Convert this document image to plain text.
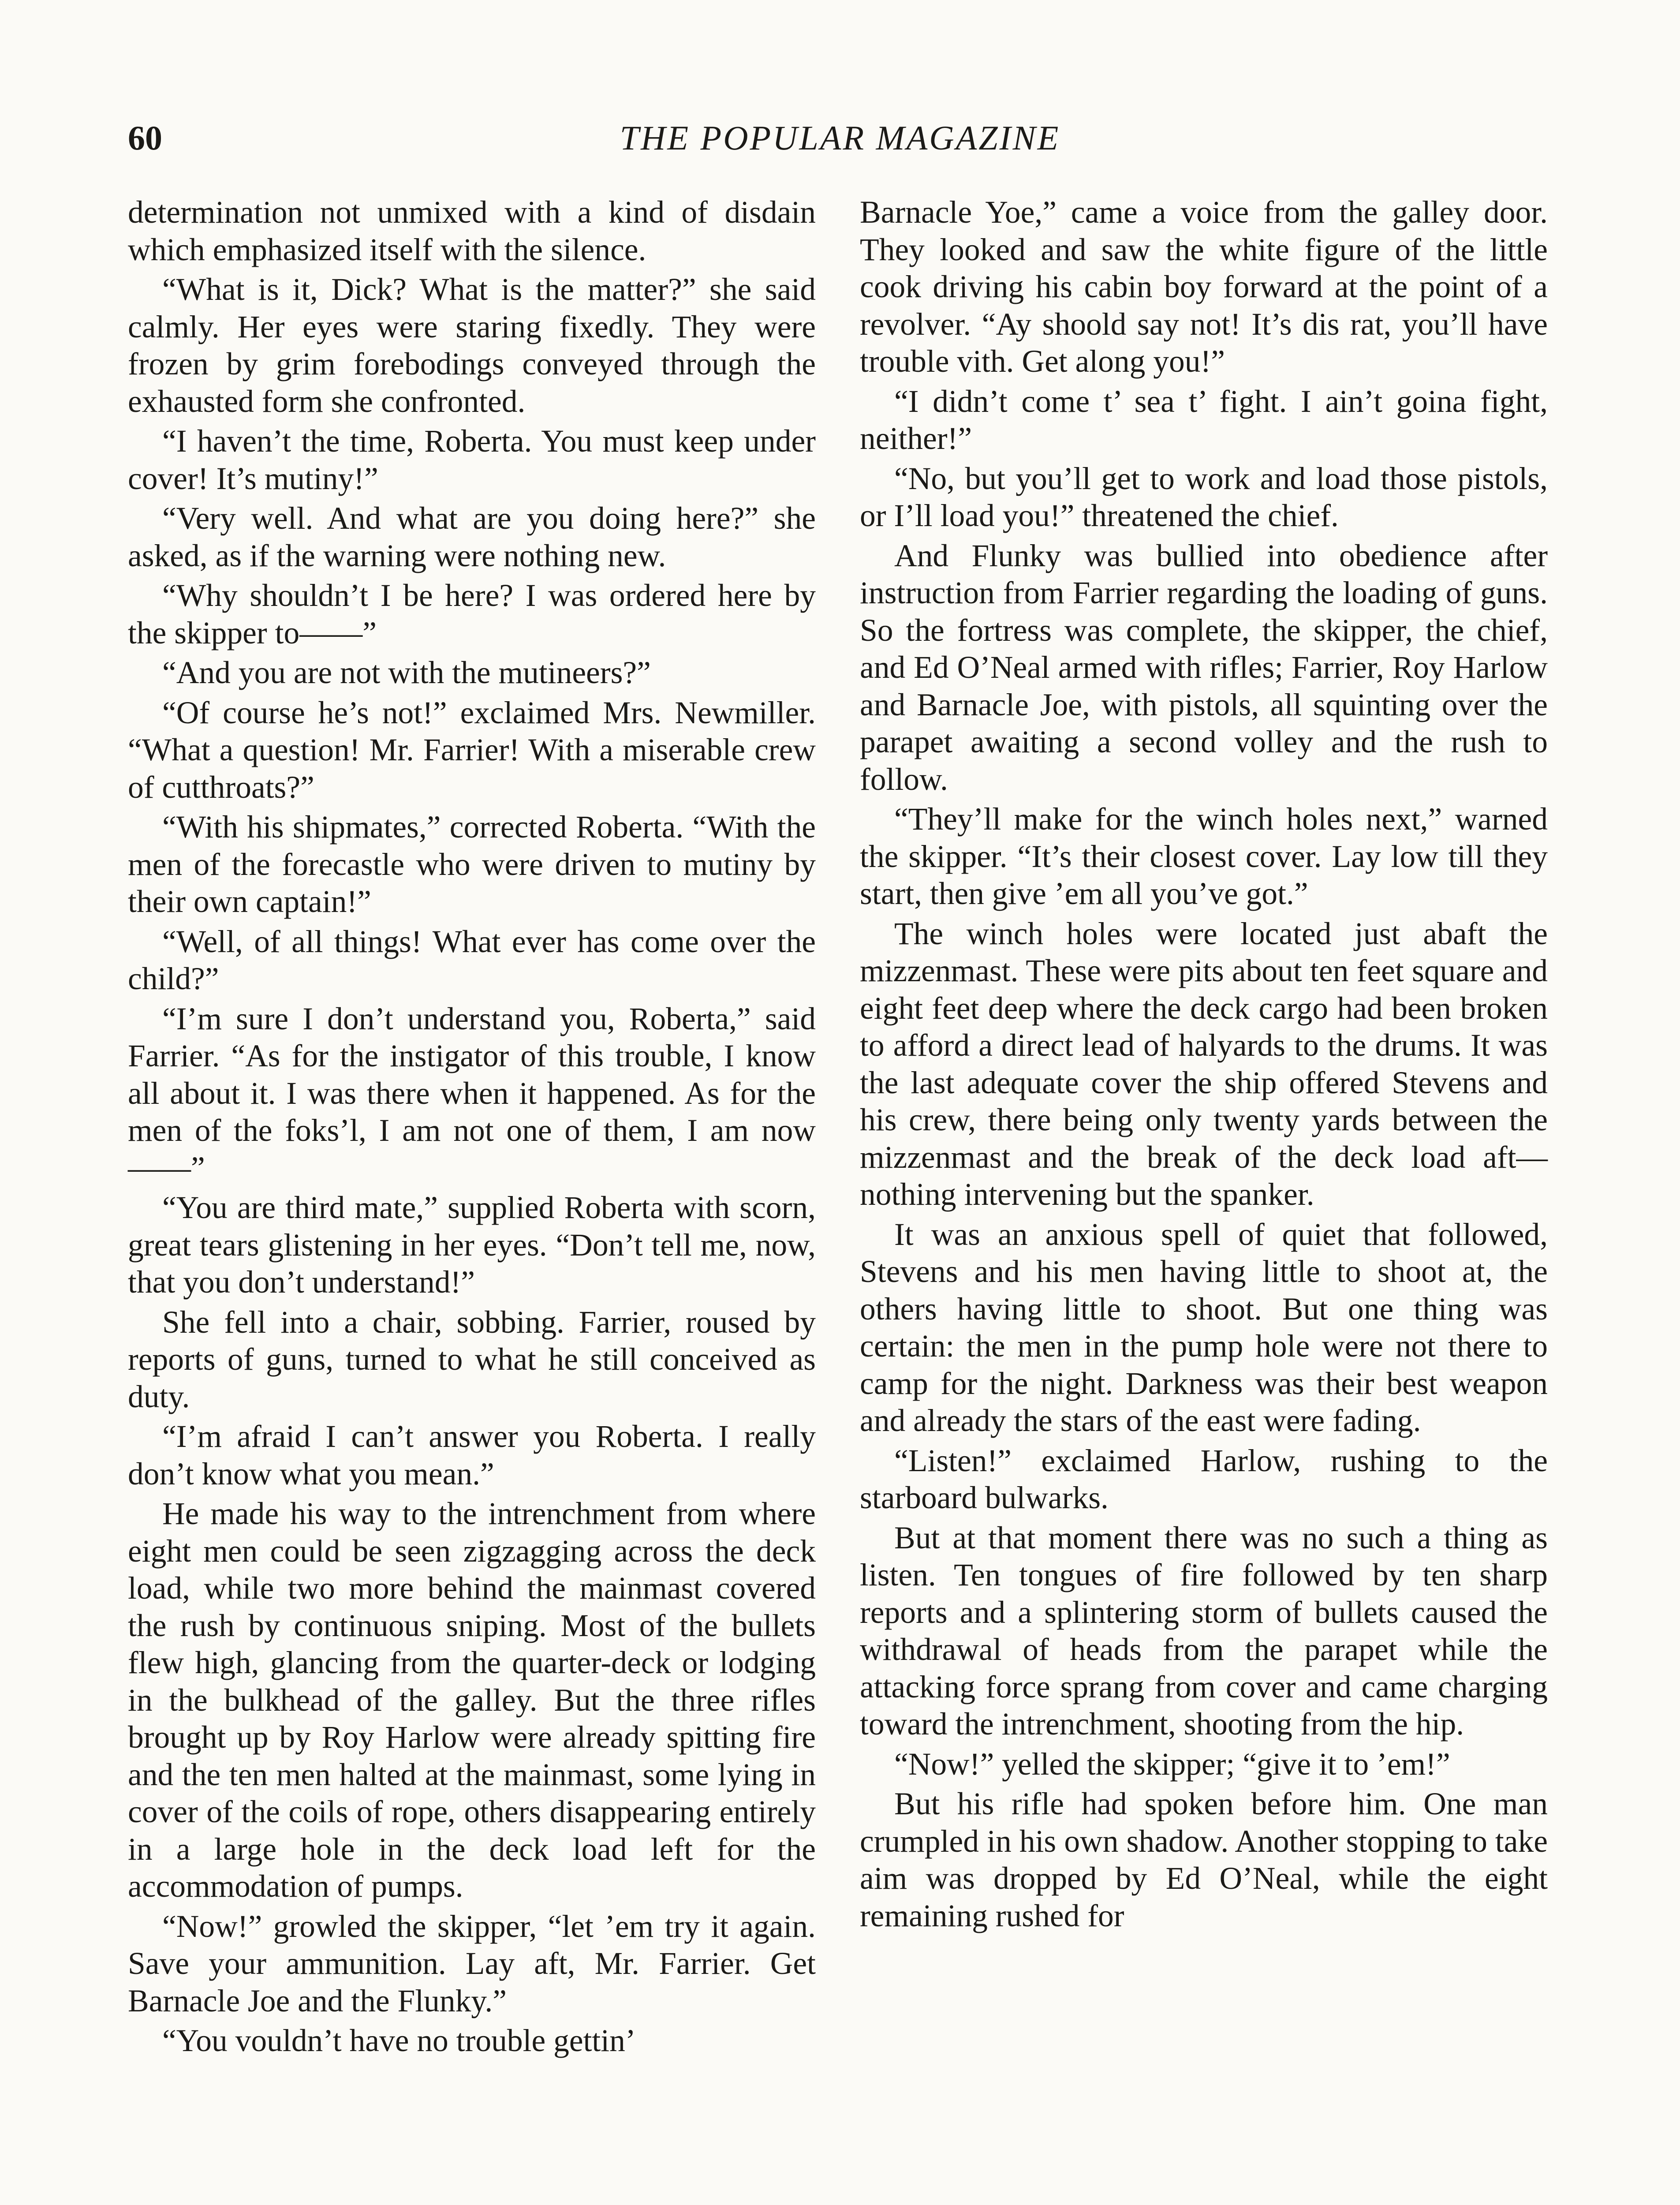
60	THE POPULAR MAGAZINE

determination not unmixed with a kind of disdain which emphasized itself with the silence.

“What is it, Dick? What is the matter?” she said calmly. Her eyes were staring fixedly. They were frozen by grim forebodings conveyed through the exhausted form she confronted.

“I haven’t the time, Roberta. You must keep under cover! It’s mutiny!”

“Very well. And what are you doing here?” she asked, as if the warning were nothing new.

“Why shouldn’t I be here? I was ordered here by the skipper to——”

“And you are not with the mutineers?”

“Of course he’s not!” exclaimed Mrs. Newmiller. “What a question! Mr. Farrier! With a miserable crew of cutthroats?”

“With his shipmates,” corrected Roberta. “With the men of the forecastle who were driven to mutiny by their own captain!”

“Well, of all things! What ever has come over the child?”

“I’m sure I don’t understand you, Roberta,” said Farrier. “As for the instigator of this trouble, I know all about it. I was there when it happened. As for the men of the foks’l, I am not one of them, I am now——”

“You are third mate,” supplied Roberta with scorn, great tears glistening in her eyes. “Don’t tell me, now, that you don’t understand!”

She fell into a chair, sobbing. Farrier, roused by reports of guns, turned to what he still conceived as duty.

“I’m afraid I can’t answer you Roberta. I really don’t know what you mean.”

He made his way to the intrenchment from where eight men could be seen zigzagging across the deck load, while two more behind the mainmast covered the rush by continuous sniping. Most of the bullets flew high, glancing from the quarter-deck or lodging in the bulkhead of the galley. But the three rifles brought up by Roy Harlow were already spitting fire and the ten men halted at the mainmast, some lying in cover of the coils of rope, others disappearing entirely in a large hole in the deck load left for the accommodation of pumps.

“Now!” growled the skipper, “let ’em try it again. Save your ammunition. Lay aft, Mr. Farrier. Get Barnacle Joe and the Flunky.”

“You vouldn’t have no trouble gettin’

Barnacle Yoe,” came a voice from the galley door. They looked and saw the white figure of the little cook driving his cabin boy forward at the point of a revolver. “Ay shoold say not! It’s dis rat, you’ll have trouble vith. Get along you!”

“I didn’t come t’ sea t’ fight. I ain’t goina fight, neither!”

“No, but you’ll get to work and load those pistols, or I’ll load you!” threatened the chief.

And Flunky was bullied into obedience after instruction from Farrier regarding the loading of guns. So the fortress was complete, the skipper, the chief, and Ed O’Neal armed with rifles; Farrier, Roy Harlow and Barnacle Joe, with pistols, all squinting over the parapet awaiting a second volley and the rush to follow.

“They’ll make for the winch holes next,” warned the skipper. “It’s their closest cover. Lay low till they start, then give ’em all you’ve got.”

The winch holes were located just abaft the mizzenmast. These were pits about ten feet square and eight feet deep where the deck cargo had been broken to afford a direct lead of halyards to the drums. It was the last adequate cover the ship offered Stevens and his crew, there being only twenty yards between the mizzenmast and the break of the deck load aft—nothing intervening but the spanker.

It was an anxious spell of quiet that followed, Stevens and his men having little to shoot at, the others having little to shoot. But one thing was certain: the men in the pump hole were not there to camp for the night. Darkness was their best weapon and already the stars of the east were fading.

“Listen!” exclaimed Harlow, rushing to the starboard bulwarks.

But at that moment there was no such a thing as listen. Ten tongues of fire followed by ten sharp reports and a splintering storm of bullets caused the withdrawal of heads from the parapet while the attacking force sprang from cover and came charging toward the intrenchment, shooting from the hip.

“Now!” yelled the skipper; “give it to ’em!”

But his rifle had spoken before him. One man crumpled in his own shadow. Another stopping to take aim was dropped by Ed O’Neal, while the eight remaining rushed for
